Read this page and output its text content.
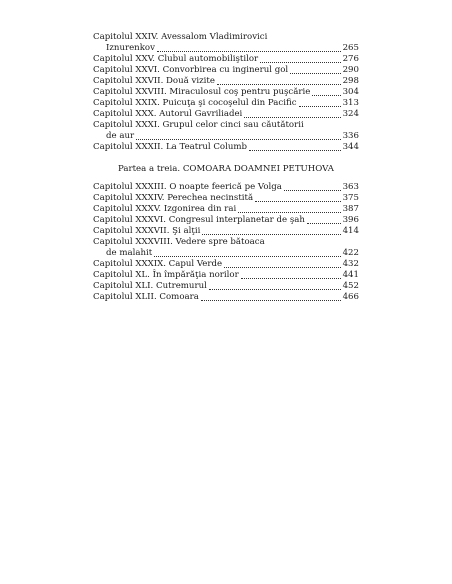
Capitolul XXIV. Avessalom Vladimirovici
Iznurenkov	265
Capitolul XXV. Clubul automobiliştilor	276
Capitolul XXVI. Convorbirea cu inginerul gol	290
Capitolul XXVII. Două vizite	298
Capitolul XXVIII. Miraculosul coş pentru puşcărie	304
Capitolul XXIX. Puicuţa şi cocoşelul din Pacific	313
Capitolul XXX. Autorul Gavriliadei	324
Capitolul XXXI. Grupul celor cinci sau căutătorii
de aur	336
Capitolul XXXII. La Teatrul Columb	344
Partea a treia. COMOARA DOAMNEI PETUHOVA
Capitolul XXXIII. O noapte feerică pe Volga	363
Capitolul XXXIV. Perechea necinstită	375
Capitolul XXXV. Izgonirea din rai	387
Capitolul XXXVI. Congresul interplanetar de şah	396
Capitolul XXXVII. Şi alţii	414
Capitolul XXXVIII. Vedere spre bătoaca
de malahit	422
Capitolul XXXIX. Capul Verde	432
Capitolul XL. În împărăţia norilor	441
Capitolul XLI. Cutremurul	452
Capitolul XLII. Comoara	466
